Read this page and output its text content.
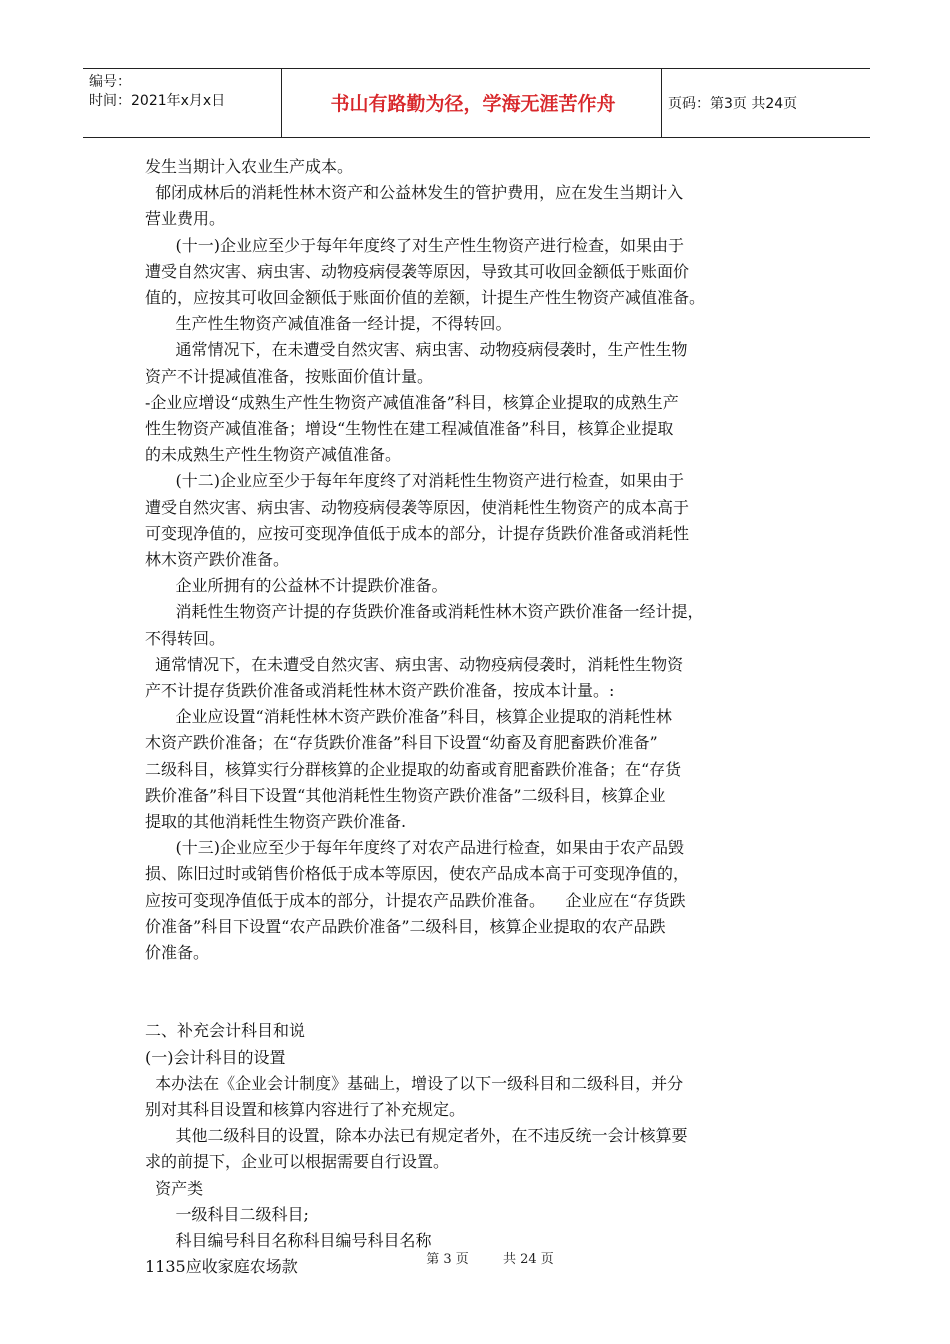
编号：
时间：2021年x月x日	书山有路勤为径，学海无涯苦作舟	页码：第3页 共24页

发生当期计入农业生产成本。

郁闭成林后的消耗性林木资产和公益林发生的管护费用，应在发生当期计入

营业费用。

(十一)企业应至少于每年年度终了对生产性生物资产进行检查，如果由于

遭受自然灾害、病虫害、动物疫病侵袭等原因，导致其可收回金额低于账面价

值的，应按其可收回金额低于账面价值的差额，计提生产性生物资产减值准备。

生产性生物资产减值准备一经计提，不得转回。

通常情况下，在未遭受自然灾害、病虫害、动物疫病侵袭时，生产性生物

资产不计提减值准备，按账面价值计量。

-企业应增设“成熟生产性生物资产减值准备”科目，核算企业提取的成熟生产

性生物资产减值准备；增设“生物性在建工程减值准备”科目，核算企业提取

的未成熟生产性生物资产减值准备。

(十二)企业应至少于每年年度终了对消耗性生物资产进行检查，如果由于

遭受自然灾害、病虫害、动物疫病侵袭等原因，使消耗性生物资产的成本高于

可变现净值的，应按可变现净值低于成本的部分，计提存货跌价准备或消耗性

林木资产跌价准备。

企业所拥有的公益林不计提跌价准备。

消耗性生物资产计提的存货跌价准备或消耗性林木资产跌价准备一经计提，

不得转回。

通常情况下，在未遭受自然灾害、病虫害、动物疫病侵袭时，消耗性生物资

产不计提存货跌价准备或消耗性林木资产跌价准备，按成本计量。:

企业应设置“消耗性林木资产跌价准备”科目，核算企业提取的消耗性林

木资产跌价准备；在“存货跌价准备”科目下设置“幼畜及育肥畜跌价准备”

二级科目，核算实行分群核算的企业提取的幼畜或育肥畜跌价准备；在“存货

跌价准备”科目下设置“其他消耗性生物资产跌价准备”二级科目，核算企业

提取的其他消耗性生物资产跌价准备.

(十三)企业应至少于每年年度终了对农产品进行检查，如果由于农产品毁

损、陈旧过时或销售价格低于成本等原因，使农产品成本高于可变现净值的，

应按可变现净值低于成本的部分，计提农产品跌价准备。    企业应在“存货跌

价准备”科目下设置“农产品跌价准备”二级科目，核算企业提取的农产品跌

价准备。

二、补充会计科目和说

(一)会计科目的设置

本办法在《企业会计制度》基础上，增设了以下一级科目和二级科目，并分

别对其科目设置和核算内容进行了补充规定。

其他二级科目的设置，除本办法已有规定者外，在不违反统一会计核算要

求的前提下，企业可以根据需要自行设置。

资产类

一级科目二级科目;

科目编号科目名称科目编号科目名称

1135应收家庭农场款	第 3 页	共 24 页
